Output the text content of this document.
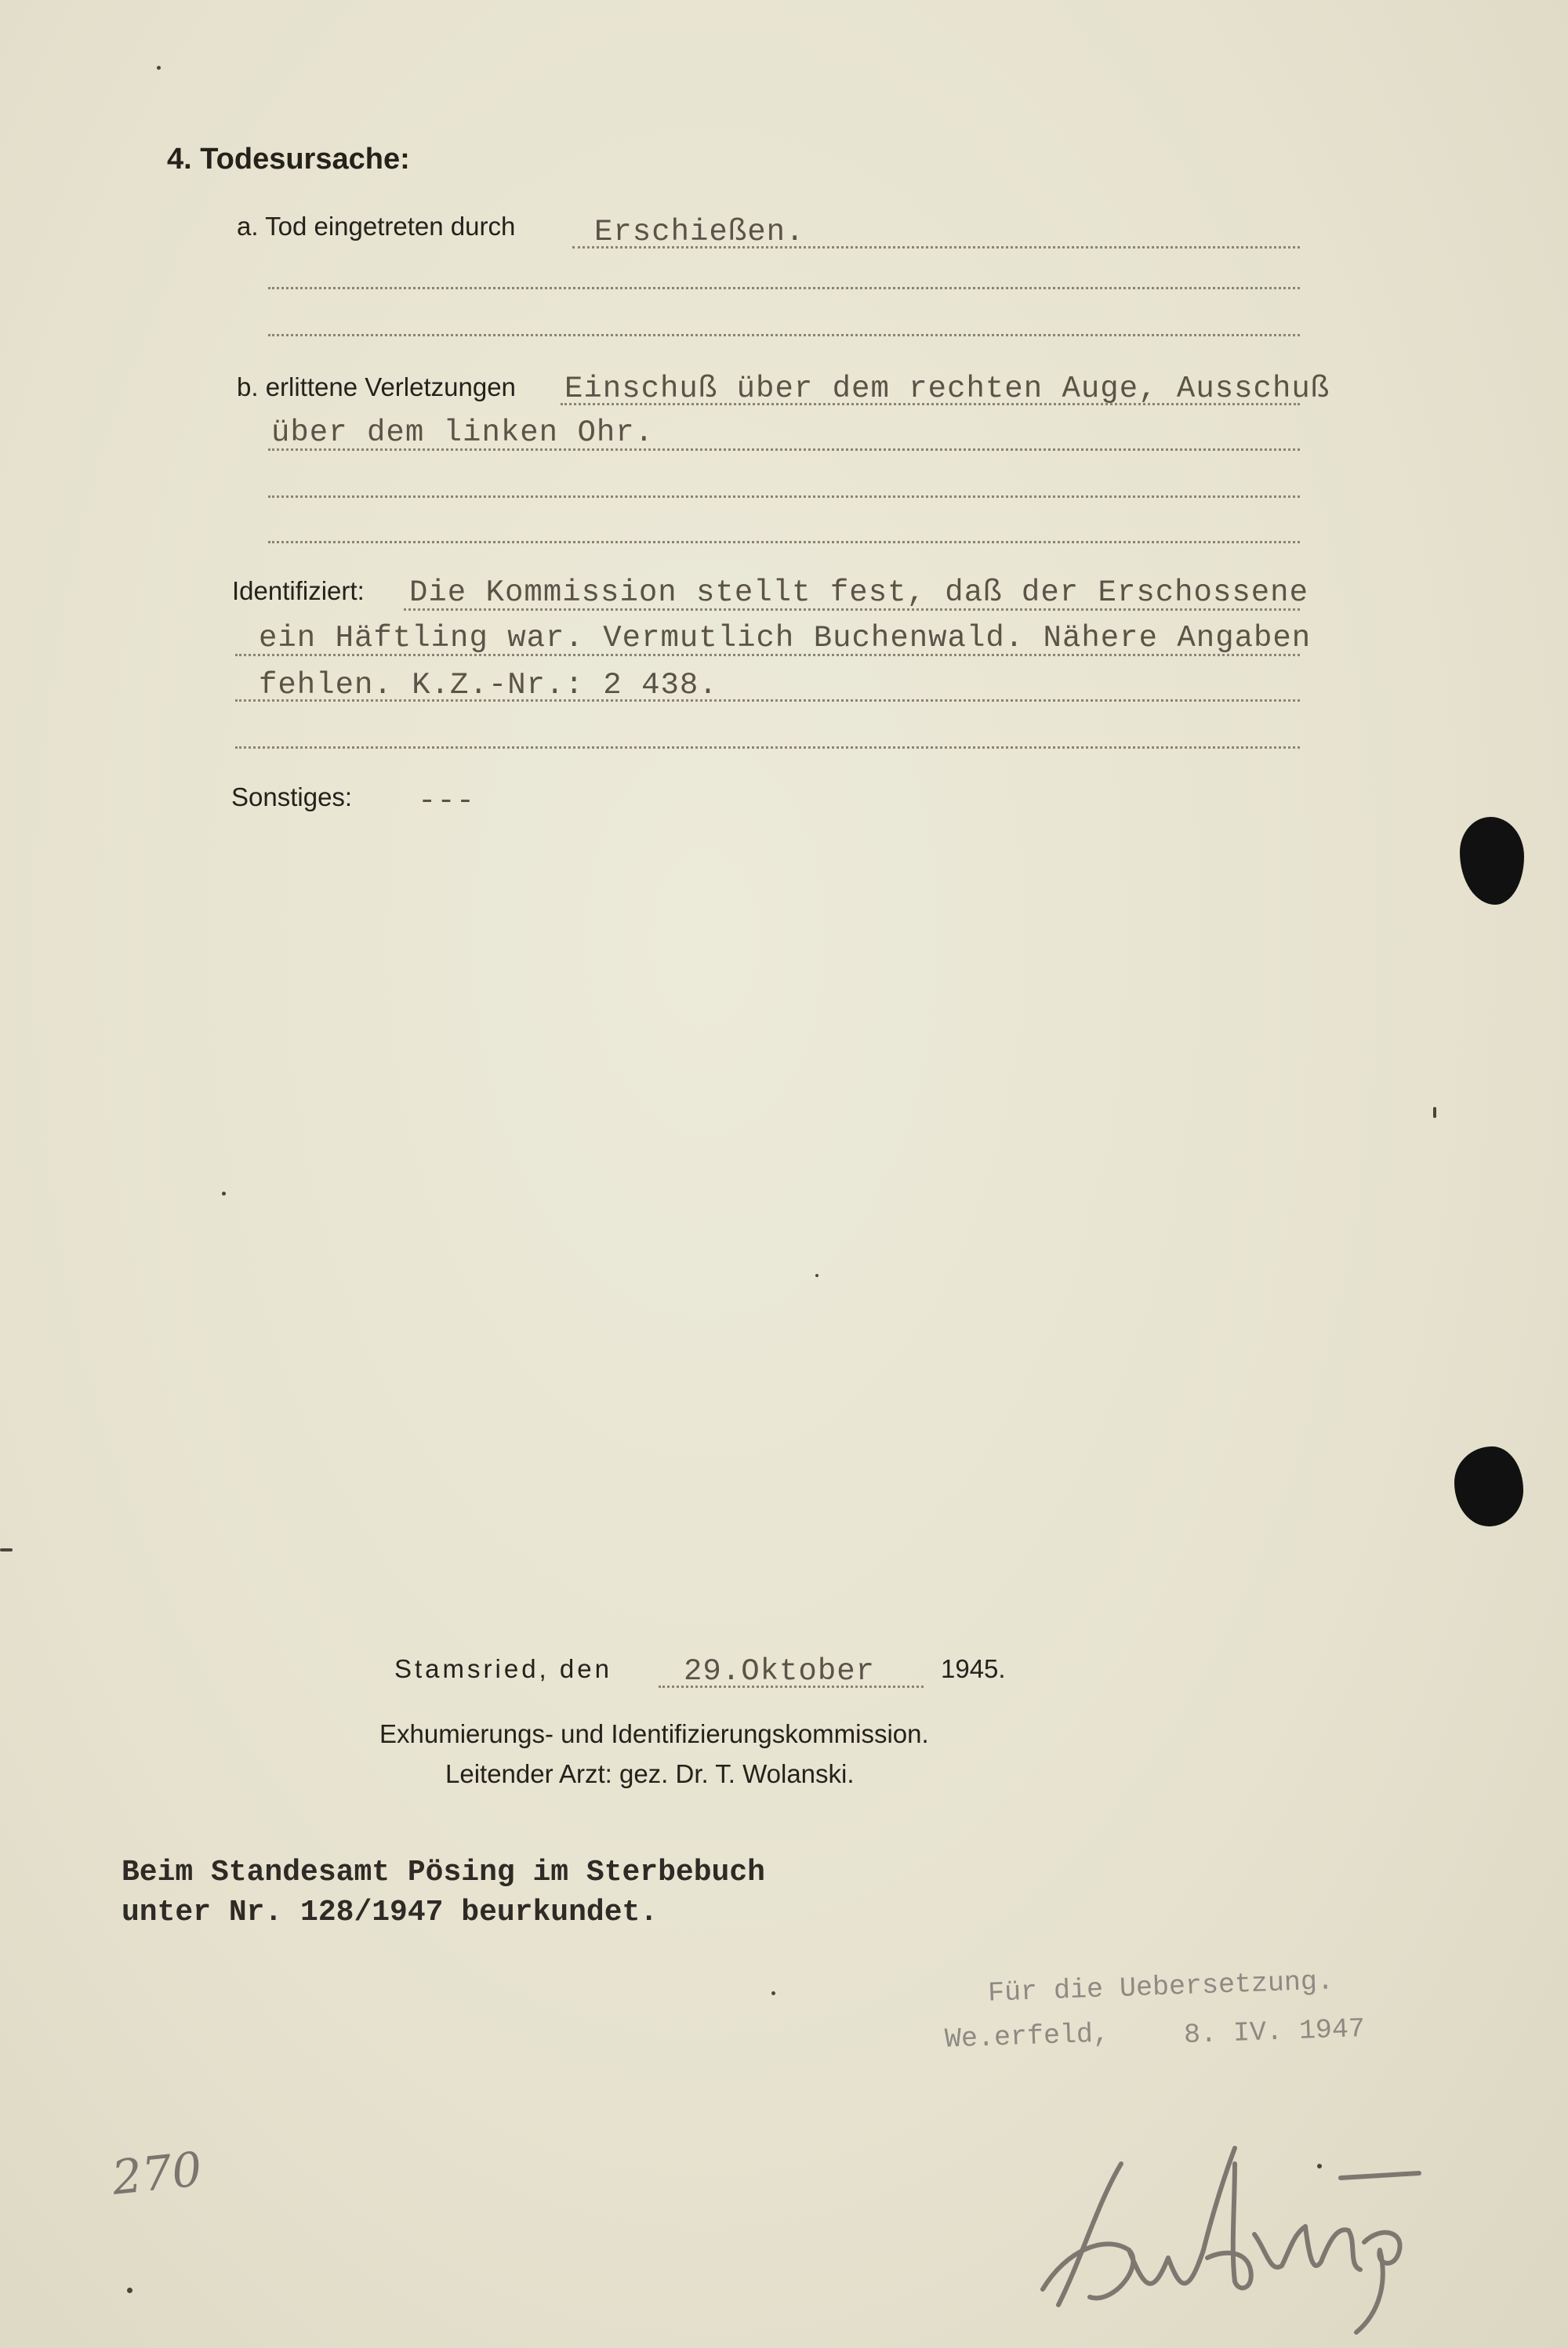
4. Todesursache:
a. Tod eingetreten durch	Erschießen.
b. erlittene Verletzungen Einschuß über dem rechten Auge, Ausschuß
über dem linken Ohr.
Identifiziert: Die Kommission stellt fest, daß der Erschossene
ein Häftling war. Vermutlich Buchenwald. Nähere Angaben
fehlen. K.Z.-Nr.: 2 438.
Sonstiges: ---
Stamsried, den 29.Oktober	1945.
Exhumierungs- und Identifizierungskommission.
Leitender Arzt: gez. Dr. T. Wolanski.
Beim Standesamt Pösing im Sterbebuch
unter Nr. 128/1947 beurkundet.
Für die Uebersetzung.
We.erfeld,	8. IV. 1947
270
